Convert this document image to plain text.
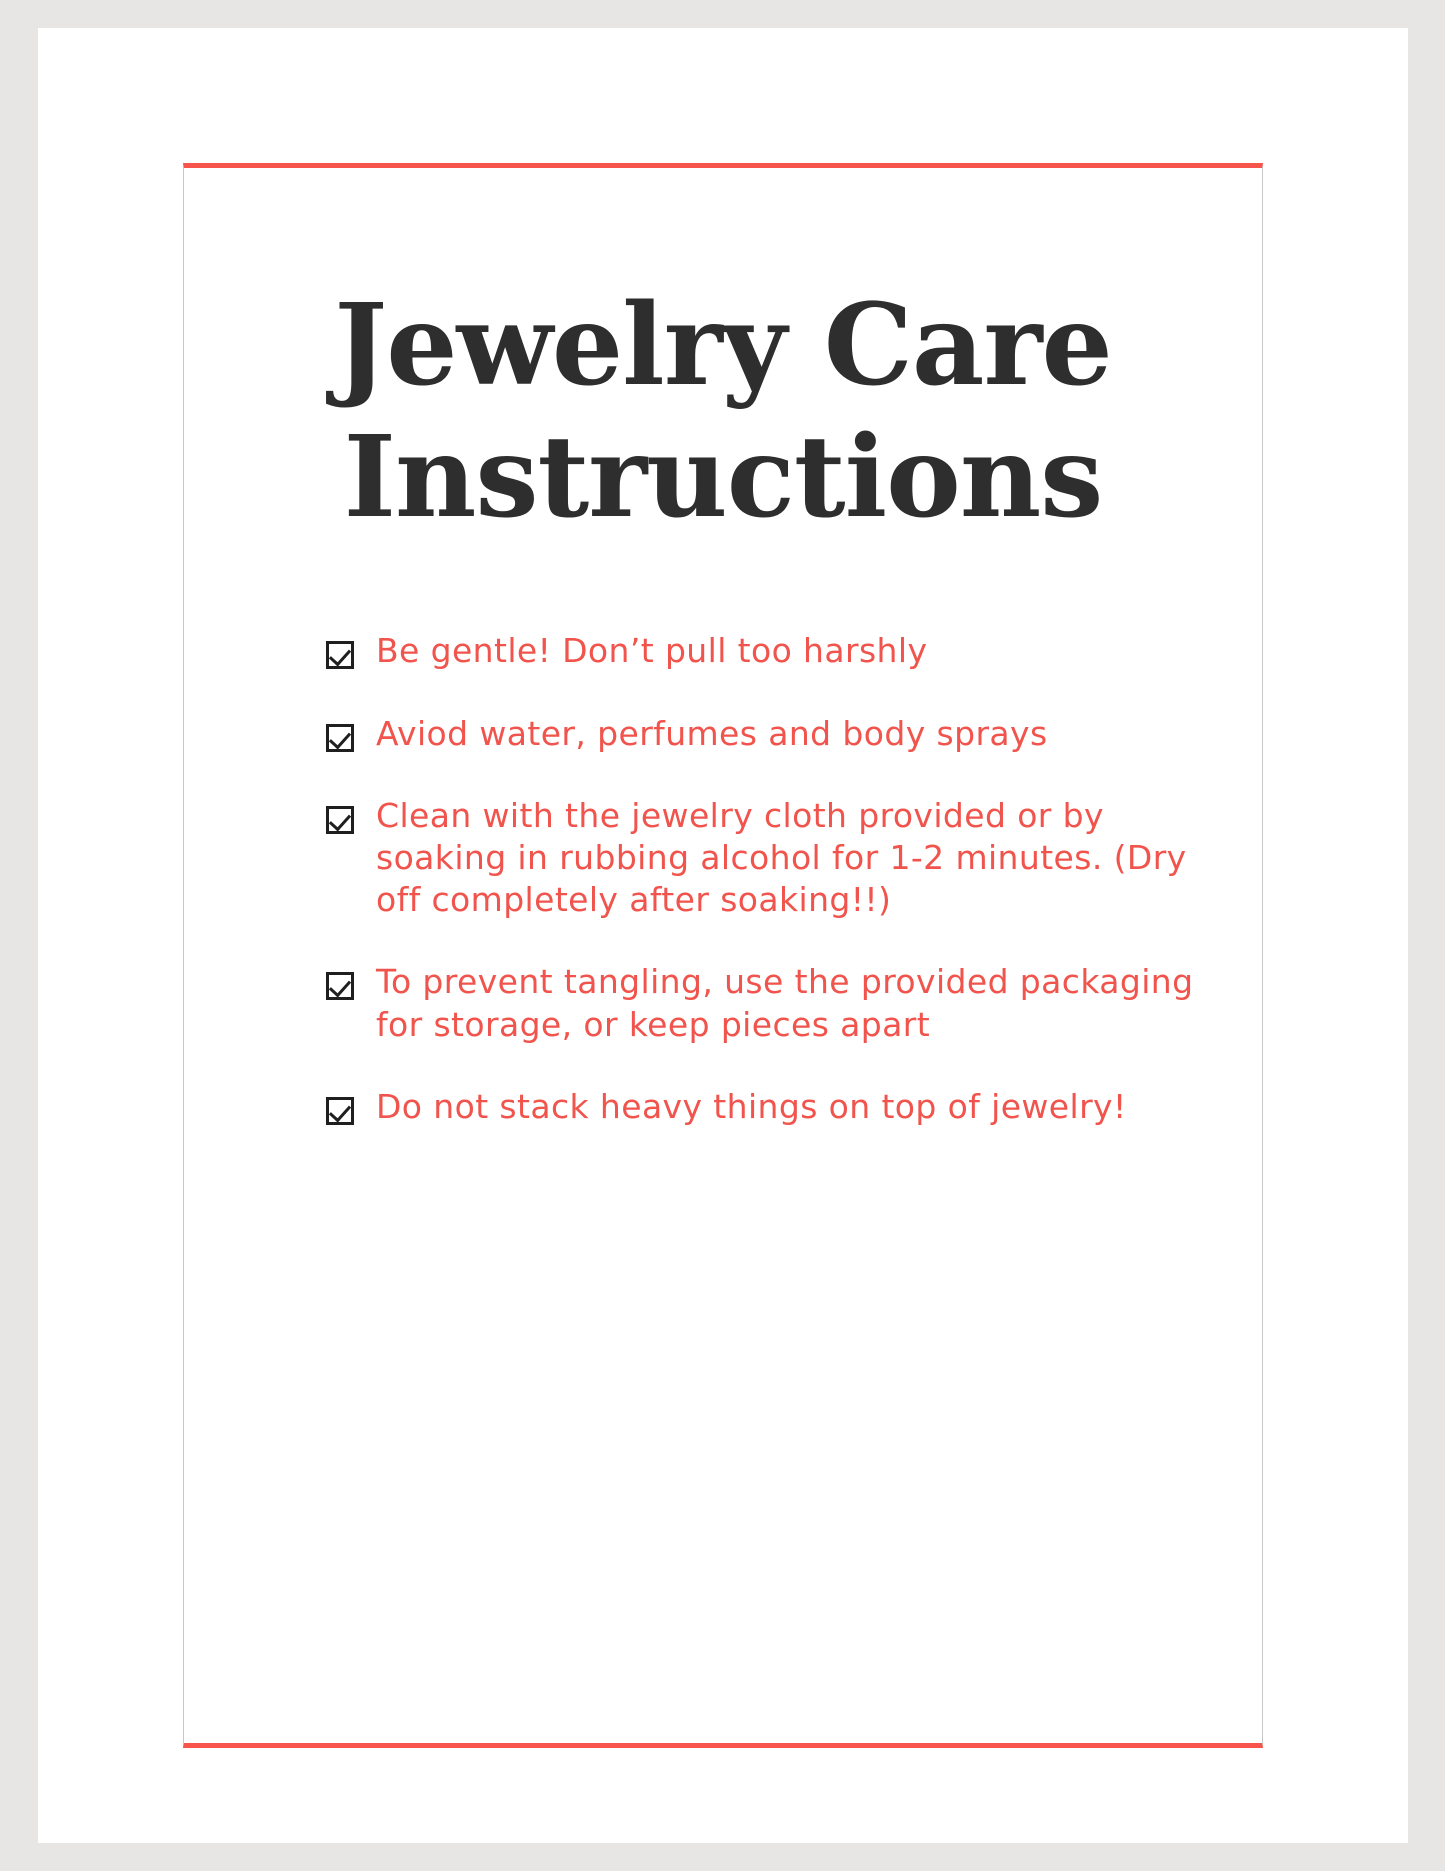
Jewelry Care
Instructions
Be gentle! Don’t pull too harshly
Aviod water, perfumes and body sprays
Clean with the jewelry cloth provided or by soaking in rubbing alcohol for 1-2 minutes. (Dry off completely after soaking!!)
To prevent tangling, use the provided packaging for storage, or keep pieces apart
Do not stack heavy things on top of jewelry!
